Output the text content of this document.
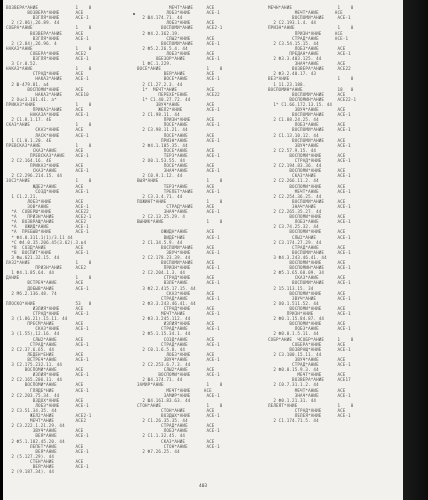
ВОЗВЕРА*АНИЕ              1    0
ВОЗВЕРА*АНИЕ      АСЕ
ВЗГЛЯ*АНИЕ      АСЕ-1
2 (2.86),26.89. 44
СОБРА*АНИЕ                1    0
ВОЗВЕРА*АНИЕ     АСЕ
ВЗГЛЯ*АНИЕ      АСЕ-1
2 (2.84),26.96. 4
НАКАЗ*АНИЕ                1    0
СОБЕРА*АНИЕ      АСЕ2
ВЗГЛЯ*АНИЕ      АСЕ-1
3 Cr.0.52.
НАКАЗ*АНИЕ                1    0
СТРАД*АНИЕ      АСЕ
НАКАЗ*АНИЕ     АСЕ-1
2 Ш-479.81. а4
ВОСПОМИ*АНИЕ      АСЕ
НАКАЗ*АНИЕ     АСЕ10
2 Ouc3.161.41. а*
ПРИКАЗ*АНИЕ               1    0
ПРИКАЗ*АНИЕ     АСЕ
НАКАЗА*АНИЕ      АСЕ-1
2 С1.8.1.17. 4Е
СКАЗ*АНИЕ                 1    0
СКАЗ*АНИЕ      АСЕ
ЛАСК*АНИЕ      АСЕ-1
1 С1.0.1.20. 4Е
ПРЕВСКАЗ*АНИЕ             1    0
СКАЗ*АНИЕ       АСЕ
ПРЕВСКАЗ*АНИЕ    АСЕ-1
2 С2.164.16. 4Е
ПРИКАЗ*АНИЕ      АСЕ
СКАЗ*АНИЕ       АСЕ-1
2 С2.296.214.15. 44
ЗОС2*АНИЕ                 1    0
ЖДЕ2*АНИЕ       АСЕ
СОЗД*АНИЕ      АСЕ-1
1 С1.2.21.
ЛОБЗ*АНИЕ         АСЕ
ЗОВ*АНИЕ          АСЕ-1
*А  СОВЕРШ*АНИЕ         АСЕ22
*А    ПРИЗН*АНИЕ        АСЕ2-1
*А  ВОЗВРАЩ*АНИЕ        АСЕ2
*А   ОЖИД*АНИЕ          АСЕ-1
*А  ПРЕБЫВ*АНИЕ         АСЕ-1
* Ф4.0.311.1(1)/3.11 44
*С Ф4.0.35.206.45(3.62).3.в4
*В  СОЗД*АНИЕ           АСЕ
*В  ВОСПИТ*АНИЕ         АСЕ-1
3 Фш.621.32.15. 44
ЛАЗ2*АНИЕ                 1    0
ПРИЗН*АНИЕ     АСЕ2
1 Ф4.1.85.64. 44
ДАНИЕ                     1    0
ВСТРЕЧ*АНИЕ       АСЕ
ДОБЫВ*АНИЕ        АСЕ-1
2 Мб.2.136.48. 74
ПЛОСКО*АНИЕ               53   0
ИЗЛИЯ*АНИЕ      АСЕ
СТРАД*АНИЕ      АСЕ-1
3 (1.86.21).15.11. 44
ПРЕСМ*АНИЕ        АСЕ
СКАЗ*АНИЕ      АСЕ-1
3 (1.55),12.16. 44
СЛЫ2*АНИЕ       АСЕ
СТРАД*АНИЕ       АСЕ-1
2 С2.37.6.65. 44
ЛЕДЕН*ЕНИЕ        АСЕ
ВСТРЕЧ*АНИЕ       АСЕ-1
3 С2.175.232.11. 44
ВОСПОМИ*АНИЕ       АСЕ
ИЗЛИЯ*АНИЕ      АСЕ-1
2 С2.165.206.11. 44
ВОСПОМИ*АНИЕ       АСЕ
ГЛЯДЕ*НИЕ        АСЕ-1
2 С2.203.75.34. 44
ВЗДОХ*АНИЕ      АСЕ
ЛОБЗ*АНИЕ      АСЕ-1
2 С3.51.34.35. 44
ЖЕЛ2*АНИЕ        АСЕ2-1
МЕЧТ*АНИЕ        АСЕ2
2 С3.222.1.21.29. 44
ЗВУЧ*АНИЕ       АСЕ
ВЕЯ*АНИЕ       АСЕ-1
2 Ф5.1.182.45.20. 44
ЛЕПЕТ*АНИЕ       АСЕ
ВЕЯ*АНИЕ       АСЕ-1
2 (5.127.29). 44
СТЕН*АНИЕ        АСЕ
ВЕЯ*АНИЕ        АСЕ-1
2 (9.187.34). 44
МЕЧТ*АНИЕ     АСЕ
ЛОБЗ*АНИЕ      АСЕ-1
2 Ш4.174.71. 44
ЛОБЗ*АНИЕ      АСЕ
ВОСПОМИ*АНИЕ     АСЕ2-1
2 Ф4.2.362.19.
СЛЫ2*АНИЕ      АСЕ
ВОСПОМИ*АНИЕ     АСЕ-1
2 Ф5.2.26.5.4. 44
ЛОБЗ*АНИЕ      АСЕ
ОБЕЗОР*АНИЕ        АСЕ-1
1 ФС.1.229.
ВОСЕ*АНИЕ                 1    0
ВЕЯ*АНИЕ        АСЕ
ВОСЕ*АНИЕ       АСЕ-1
2 С1.27.2.3. 44
1*  МЕЧТ*АНИЕ           АСЕ
ПЕРЕХЕ*ЕНИЕ       АСЕ22
1* С1.40.27.72. 44
ЗВУЧ*АНИЕ          АСЕ
ЖЕЛ2*АНИЕ         АСЕ-1
2 С1.98.11. 44
ПРИЗН*АНИЕ      АСЕ
ПОСЕ*АНИЕ       АСЕ-1
2 С3.98.11.21. 44
ПОСЕ*АНИЕ       АСЕ
ПРИЗН*АНИЕ       АСЕ-1
2 Ф4.1.105.35. 44
ПОСЕ*АНИЕ       АСЕ
ТЕРЗ*АНИЕ       АСЕ-1
2 О0.1.53.55. 44
ПОСЕ*АНИЕ       АСЕ
ЗНАЧ*АНИЕ       АСЕ-1
2 С0.9.1.12. 44
ВЫЯ*АНИЕ                  1    0
ТЕРЗ*АНИЕ       АСЕ
ТРЕПЕТ*АНИЕ     АСЕ-1
2 С3.3.4.71. 44
ПОЖИНТ*АНИЕ               1    0
СТРАД*АНИЕ     АСЕ
ЗНАЧ*АНИЕ       АСЕ-1
2 С2.13.25.29. 4
ВЫНИК*АНИЕ                1    0
ОЖИДА*АНИЕ       АСЕ
ВИДЕ*НИЕ        АСЕ-1
2 С1.34.5.9. 44
ВОСПОМИ*АНИЕ     АСЕ
ЗВУЧ*АНИЕ      АСЕ-1
2 С2.178.23.39. 44
ВОСПОМИ*АНИЕ     АСЕ
ПРИЗН*АНИЕ      АСЕ-1
2 С2.204.1.3. 44
СТРАД*АНИЕ      АСЕ
ВЗЛЕ*АНИЕ       АСЕ-1
3 Ф2.2.415.17.15. 44
СКАЗ*АНИЕ      АСЕ
СТРАД*АНИЕ       АСЕ-1
2 Ф3.3.243.46.41. 44
СТРАД*АНИЕ      АСЕ
МЕЧТ*АНИЕ        АСЕ-1
2 Ф3.3.245.112. 44
ИЗЛИЯ*АНИЕ      АСЕ
СТРАД*АНИЕ       АСЕ-1
2 Ф5.1.15.34.1. 44
СОЗД*АНИЕ       АСЕ
СТРАД*АНИЕ       АСЕ-1
2 С0.1.6.5.8. 44
ЛОБЗ*АНИЕ      АСЕ
ЗВУЧ*АНИЕ       АСЕ-1
2 С2.253.6.7.3. 44
СЛЫ2*АНИЕ       АСЕ
ВОСПОМИ*АНИЕ      АСЕ-1
2 Ш4.174.71. 44
ЗАМИР*АНИЕ                1    0
МЕЧТ*АНИЕ     АСЕ
ЗАМИР*АНИЕ      АСЕ-1
2 Ш4.161.83.63. 44
СТОН*АНИЕ                 1    0
СТОН*АНИЕ        АСЕ
ВОЗДЫХ*АНИЕ      АСЕ-1
2 С1.26.35.35. 44
СТРАД*АНИЕ       АСЕ
ЛОБЗ*АНИЕ       АСЕ-1
2 С1.1.32.45. 44
СКАЗ*АНИЕ        АСЕ
СТОН*АНИЕ       АСЕ-1
2 Ф7.26.25. 44
МЕЧН*АНИЕ                 1    0
МЕЧТ*АНИЕ      АСЕ
ВОСПОМИ*АНИЕ     АСЕ-1
2 С2.193.1.4. 44
ПРИЗН*АНИЕ                1    0
ПРИЗН*АНИЕ     АСЕ
СТРАД*АНИЕ      АСЕ-1
2 С3.54.15.15. 44
ЛОБЗ*АНИЕ       АСЕ
ПРЕДАН*АНИЕ       АСЕ-1
2 Ф3.3.403.125. 44
ЗНАЧ*АНИЕ       АСЕ
ВОЗВЕРА*АНИЕ     АСЕ22
2 Ф3.2.40.17. 43
ВЕЗ*АНИЕ                  1    0
1 11.23.188.
ВОСПОМИН*АНИЕ             18   0
ВОСПОМИ*АНИЕ     АСЕ
ВОСПОМИН*АНИЕ     АСЕ22-1
1* С1.66.172.13.15. 44
ЗВУЧ*АНИЕ       АСЕ
ВОСПОМИ*АНИЕ     АСЕ-1
2 С1.88.24.25. 44
ЛОБЗ*АНИЕ       АСЕ
ВОСПОМИ*АНИЕ     АСЕ-1
2 С1.13.10.12. 44
ВОСПОМИ*АНИЕ     АСЕ
ЗВУЧ*АНИЕ       АСЕ-1
2 С2.57.9.15. 44
ВОСПОМИ*АНИЕ      АСЕ
СТРАД*АНИЕ      АСЕ-1
2 С2.194.83.36. 44
ВОСПОМИ*АНИЕ      АСЕ
СКАЗ*АНИЕ        АСЕ-1
2 С2.266.11.2. 44
ВОСПОМИ*АНИЕ      АСЕ
МЕЧТ*АНИЕ       АСЕ-1
2 С2.254.36.25. 44
ВОСПОМИ*АНИЕ     АСЕ
ЗНАЧ*АНИЕ        АСЕ-1
2 С2.265.35.27. 44
ВОСПОМИ*АНИЕ      АСЕ
ЛОБЗ*АНИЕ       АСЕ-1
2 С3.74.25.32. 44
ВОСПОМИ*АНИЕ      АСЕ
СЛЫ2*АНИЕ        АСЕ-1
2 С3.174.27.29. 44
СТРАД*АНИЕ       АСЕ
ВОСПОМИ*АНИЕ     АСЕ-1
3 Ф4.3.243.46.41. 44
ВОСПОМИ*АНИЕ      АСЕ
ВОСПОМИН*АНИЕ     АСЕ-1
2 Ф5.1.65.68.09. 34
СКАЗ*АНИЕ       АСЕ
ВОСПОМИ*АНИЕ     АСЕ-1
2 15.113.15. 34
ВОСПОМИ*АНИЕ      АСЕ
ЗВУЧ*АНИЕ        АСЕ-1
2 О0.1.511.52. 44
ВОСПОМИ*АНИЕ      АСЕ
ПРИЗН*АНИЕ         АСЕ-1
2 Ф0.1.15.84.87. 44
ВОСПОМИ*АНИЕ      АСЕ
ЛОБЗ*АНИЕ       АСЕ-1
2 Ф0.0.1.5.11. 44
СОБР*АНИЕ  ЧСОБР*АНИЕ     1    0
СОБЕРА*АНИЕ      АСЕ
ВОЗВРАЩ*АНИЕ      АСЕ-1
2 С3.100.15.11. 44
ЗВУЧ*АНИЕ       АСЕ
СТРАД*АНИЕ       АСЕ-1
2 Ф0.0.15.9.3. 44
МЕЧТ*АНИЕ      АСЕ
ВОЗВЕРА*АНИЕ     АСЕ17
2 С0.7.31.1.2. 44
МЕЧТ*АНИЕ       АСЕ
ЗНАЧ*АНИЕ       АСЕ-1
2 Ф0.1.21.31. 44
ЛЕЛЕЯТ*АНИЕ               1    0
СТРАД*АНИЕ      АСЕ
ЛЕЛЕЯ*АНИЕ      АСЕ-1
2 С1.174.71.5. 44
403
